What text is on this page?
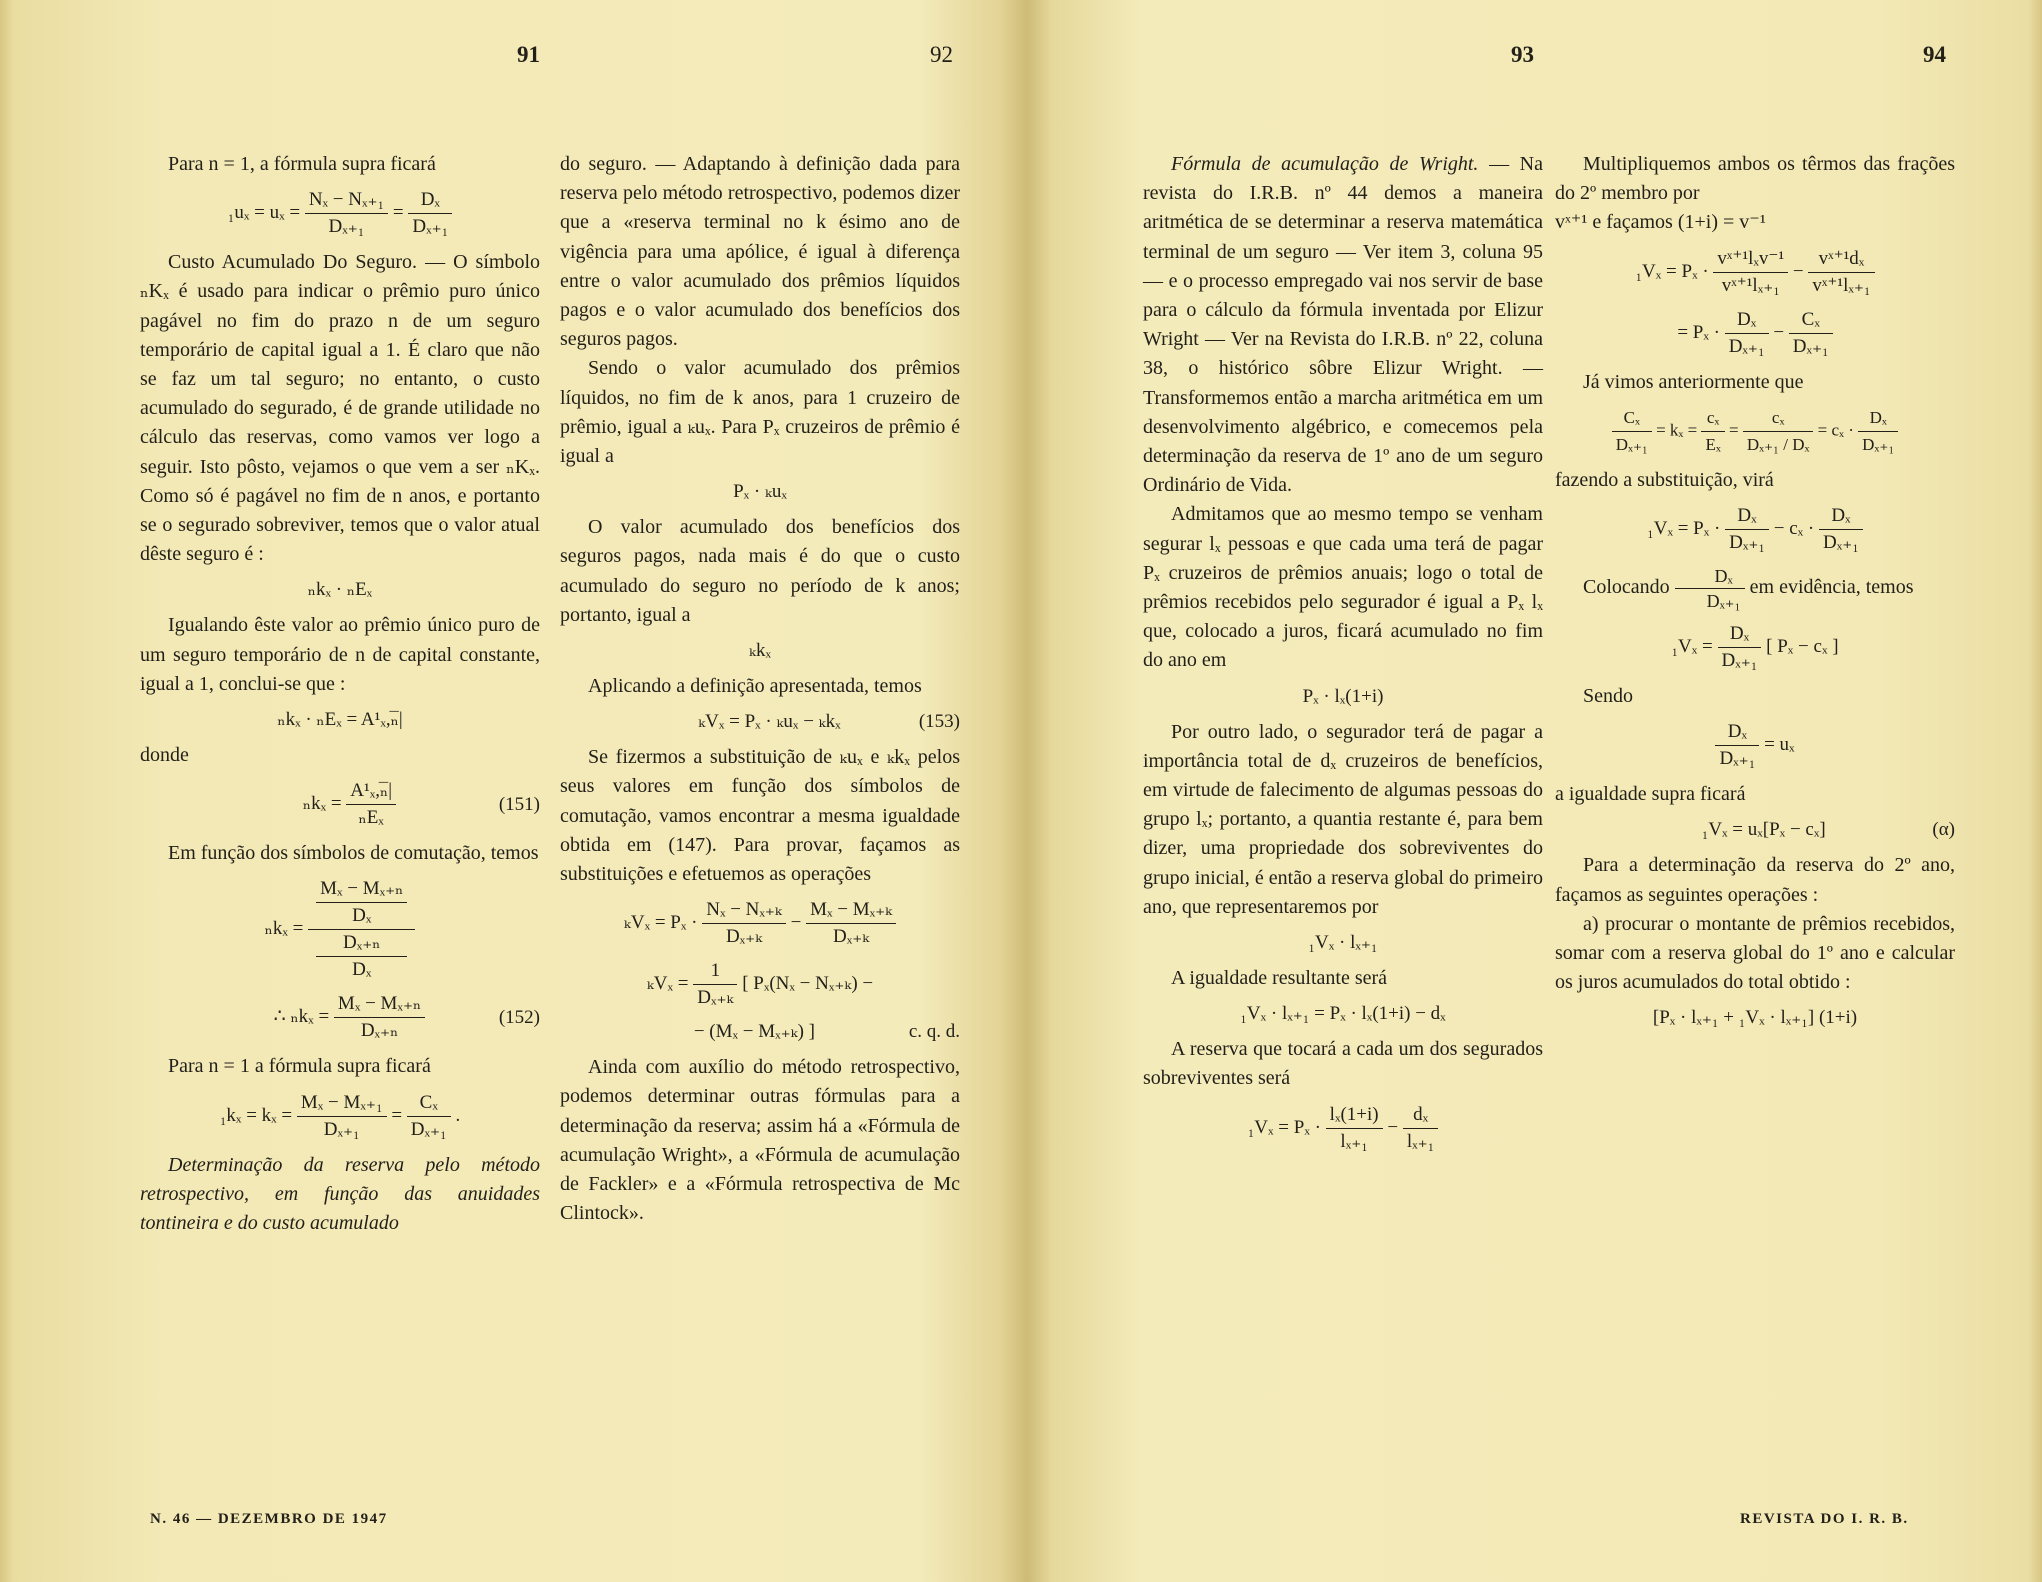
91	92	93	94

Para n = 1, a fórmula supra ficará

$_1u_x = u_x = \frac{\text{Nₓ − Nₓ₊₁}}{\text{Dₓ₊₁}} = \frac{\text{Dₓ}}{\text{Dₓ₊₁}}$

Custo Acumulado Do Seguro. — O símbolo ₙKₓ é usado para indicar o prêmio puro único pagável no fim do prazo n de um seguro temporário de capital igual a 1. É claro que não se faz um tal seguro; no entanto, o custo acumulado do segurado, é de grande utilidade no cálculo das reservas, como vamos ver logo a seguir. Isto pôsto, vejamos o que vem a ser ₙKₓ. Como só é pagável no fim de n anos, e portanto se o segurado sobreviver, temos que o valor atual dêste seguro é :

ₙkₓ · ₙEₓ

Igualando êste valor ao prêmio único puro de um seguro temporário de n de capital constante, igual a 1, conclui-se que :

ₙkₓ · ₙEₓ = A¹ₓ,ₙ̅|

donde

$_nk_x = \frac{\text{A¹ₓ,ₙ̅|}}{\text{ₙEₓ}}$	(151)

Em função dos símbolos de comutação, temos

ₙkₓ = Mₓ − Mₓ₊ₙ
Dₓ
Dₓ₊ₙ
Dₓ
∴ $_nk_x = \frac{\text{Mₓ − Mₓ₊ₙ}}{\text{Dₓ₊ₙ}}$	(152)

Para n = 1 a fórmula supra ficará

$_1k_x = k_x = \frac{\text{Mₓ − Mₓ₊₁}}{\text{Dₓ₊₁}} = \frac{\text{Cₓ}}{\text{Dₓ₊₁}}$ .

Determinação da reserva pelo método retrospectivo, em função das anuidades tontineira e do custo acumulado

do seguro. — Adaptando à definição dada para reserva pelo método retrospectivo, podemos dizer que a «reserva terminal no k ésimo ano de vigência para uma apólice, é igual à diferença entre o valor acumulado dos prêmios líquidos pagos e o valor acumulado dos benefícios dos seguros pagos.

Sendo o valor acumulado dos prêmios líquidos, no fim de k anos, para 1 cruzeiro de prêmio, igual a ₖuₓ. Para Pₓ cruzeiros de prêmio é igual a

Pₓ · ₖuₓ

O valor acumulado dos benefícios dos seguros pagos, nada mais é do que o custo acumulado do seguro no período de k anos; portanto, igual a

ₖkₓ

Aplicando a definição apresentada, temos

ₖVₓ = Pₓ · ₖuₓ − ₖkₓ	(153)

Se fizermos a substituição de ₖuₓ e ₖkₓ pelos seus valores em função dos símbolos de comutação, vamos encontrar a mesma igualdade obtida em (147). Para provar, façamos as substituições e efetuemos as operações

$_kV_x = P_x \cdot \frac{\text{Nₓ − Nₓ₊ₖ}}{\text{Dₓ₊ₖ}} - \frac{\text{Mₓ − Mₓ₊ₖ}}{\text{Dₓ₊ₖ}}$
$_kV_x = \frac{1}{\text{Dₓ₊ₖ}}$ [ Pₓ(Nₓ − Nₓ₊ₖ) −
− (Mₓ − Mₓ₊ₖ) ]	c. q. d.

Ainda com auxílio do método retrospectivo, podemos determinar outras fórmulas para a determinação da reserva; assim há a «Fórmula de acumulação Wright», a «Fórmula de acumulação de Fackler» e a «Fórmula retrospectiva de Mc Clintock».

Fórmula de acumulação de Wright. — Na revista do I.R.B. nº 44 demos a maneira aritmética de se determinar a reserva matemática terminal de um seguro — Ver item 3, coluna 95 — e o processo empregado vai nos servir de base para o cálculo da fórmula inventada por Elizur Wright — Ver na Revista do I.R.B. nº 22, coluna 38, o histórico sôbre Elizur Wright. — Transformemos então a marcha aritmética em um desenvolvimento algébrico, e comecemos pela determinação da reserva de 1º ano de um seguro Ordinário de Vida.

Admitamos que ao mesmo tempo se venham segurar lₓ pessoas e que cada uma terá de pagar Pₓ cruzeiros de prêmios anuais; logo o total de prêmios recebidos pelo segurador é igual a Pₓ lₓ que, colocado a juros, ficará acumulado no fim do ano em

Pₓ · lₓ(1+i)

Por outro lado, o segurador terá de pagar a importância total de dₓ cruzeiros de benefícios, em virtude de falecimento de algumas pessoas do grupo lₓ; portanto, a quantia restante é, para bem dizer, uma propriedade dos sobreviventes do grupo inicial, é então a reserva global do primeiro ano, que representaremos por

₁Vₓ · lₓ₊₁

A igualdade resultante será

₁Vₓ · lₓ₊₁ = Pₓ · lₓ(1+i) − dₓ

A reserva que tocará a cada um dos segurados sobreviventes será

$_1V_x = P_x \cdot \frac{\text{lₓ(1+i)}}{\text{lₓ₊₁}} - \frac{\text{dₓ}}{\text{lₓ₊₁}}$

Multipliquemos ambos os têrmos das frações do 2º membro por

vˣ⁺¹ e façamos (1+i) = v⁻¹

$_1V_x = P_x \cdot \frac{\text{vˣ⁺¹lₓv⁻¹}}{\text{vˣ⁺¹lₓ₊₁}} - \frac{\text{vˣ⁺¹dₓ}}{\text{vˣ⁺¹lₓ₊₁}}$
= $P_x \cdot \frac{\text{Dₓ}}{\text{Dₓ₊₁}} - \frac{\text{Cₓ}}{\text{Dₓ₊₁}}$

Já vimos anteriormente que

$\frac{\text{Cₓ}}{\text{Dₓ₊₁}} = k_x = \frac{\text{cₓ}}{\text{Eₓ}} = \frac{\text{cₓ}}{\text{Dₓ₊₁ / Dₓ}} = c_x \cdot \frac{\text{Dₓ}}{\text{Dₓ₊₁}}$

fazendo a substituição, virá

$_1V_x = P_x \cdot \frac{\text{Dₓ}}{\text{Dₓ₊₁}} - c_x \cdot \frac{\text{Dₓ}}{\text{Dₓ₊₁}}$

Colocando $\frac{\text{Dₓ}}{\text{Dₓ₊₁}}$ em evidência, temos

$_1V_x = \frac{\text{Dₓ}}{\text{Dₓ₊₁}}$ [ Pₓ − cₓ ]

Sendo

$\frac{\text{Dₓ}}{\text{Dₓ₊₁}} = u_x$

a igualdade supra ficará

₁Vₓ = uₓ[Pₓ − cₓ]	(α)

Para a determinação da reserva do 2º ano, façamos as seguintes operações :

a) procurar o montante de prêmios recebidos, somar com a reserva global do 1º ano e calcular os juros acumulados do total obtido :

[Pₓ · lₓ₊₁ + ₁Vₓ · lₓ₊₁] (1+i)
N. 46 — DEZEMBRO DE 1947	REVISTA DO I. R. B.
